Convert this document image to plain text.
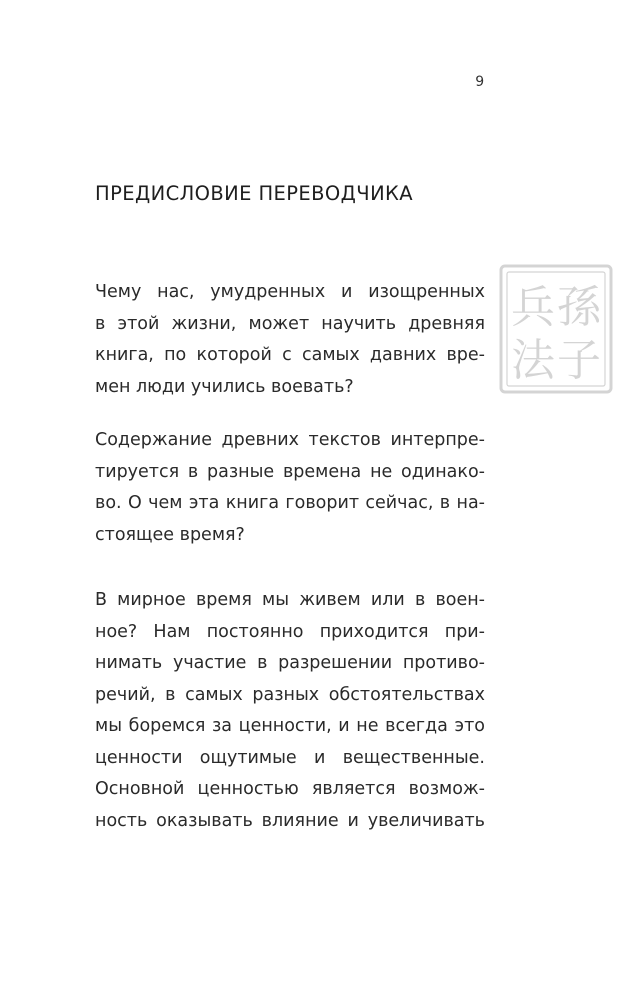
9
ПРЕДИСЛОВИЕ ПЕРЕВОДЧИКА
Чему нас, умудренных и изощренных
в этой жизни, может научить древняя
книга, по которой с самых давних вре-
мен люди учились воевать?
Содержание древних текстов интерпре-
тируется в разные времена не одинако-
во. О чем эта книга говорит сейчас, в на-
стоящее время?
В мирное время мы живем или в воен-
ное? Нам постоянно приходится при-
нимать участие в разрешении противо-
речий, в самых разных обстоятельствах
мы боремся за ценности, и не всегда это
ценности ощутимые и вещественные.
Основной ценностью является возмож-
ность оказывать влияние и увеличивать
孫
子
兵
法
